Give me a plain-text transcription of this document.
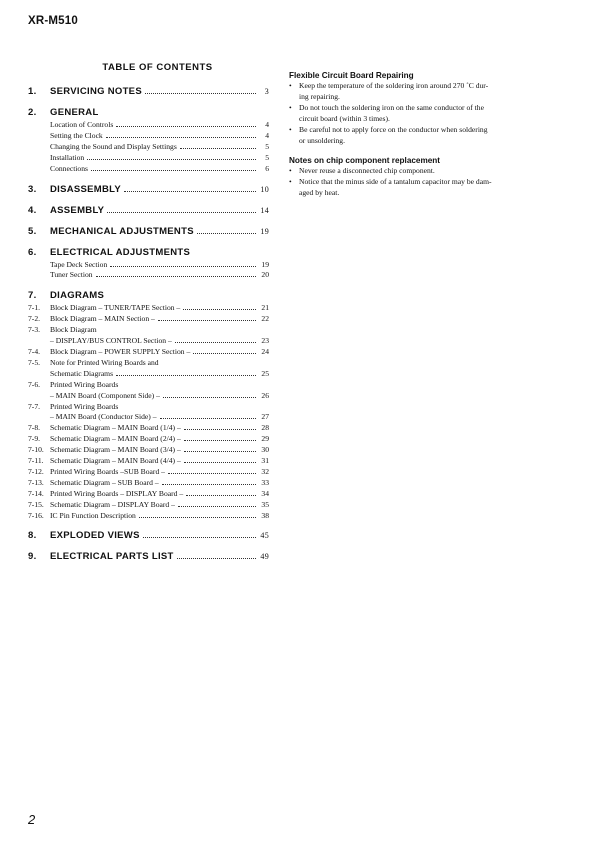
XR-M510
TABLE OF CONTENTS
1.	SERVICING NOTES	3
2.	GENERAL
Location of Controls	4
Setting the Clock	4
Changing the Sound and Display Settings	5
Installation	5
Connections	6
3.	DISASSEMBLY	10
4.	ASSEMBLY	14
5.	MECHANICAL ADJUSTMENTS	19
6.	ELECTRICAL ADJUSTMENTS
Tape Deck Section	19
Tuner Section	20
7.	DIAGRAMS
7-1.	Block Diagram – TUNER/TAPE Section –	21
7-2.	Block Diagram – MAIN Section –	22
7-3.	Block Diagram
– DISPLAY/BUS CONTROL Section –	23
7-4.	Block Diagram – POWER SUPPLY Section –	24
7-5.	Note for Printed Wiring Boards and
Schematic Diagrams	25
7-6.	Printed Wiring Boards
– MAIN Board (Component Side) –	26
7-7.	Printed Wiring Boards
– MAIN Board (Conductor Side) –	27
7-8.	Schematic Diagram – MAIN Board (1/4) –	28
7-9.	Schematic Diagram – MAIN Board (2/4) –	29
7-10. Schematic Diagram – MAIN Board (3/4) –	30
7-11. Schematic Diagram – MAIN Board (4/4) –	31
7-12. Printed Wiring Boards –SUB Board –	32
7-13. Schematic Diagram – SUB Board –	33
7-14. Printed Wiring Boards – DISPLAY Board –	34
7-15. Schematic Diagram – DISPLAY Board –	35
7-16. IC Pin Function Description	38
8.	EXPLODED VIEWS	45
9.	ELECTRICAL PARTS LIST	49
Flexible Circuit Board Repairing
• Keep the temperature of the soldering iron around 270 ˚C dur-
ing repairing.
• Do not touch the soldering iron on the same conductor of the
circuit board (within 3 times).
• Be careful not to apply force on the conductor when soldering
or unsoldering.
Notes on chip component replacement
• Never reuse a disconnected chip component.
• Notice that the minus side of a tantalum capacitor may be dam-
aged by heat.
2
